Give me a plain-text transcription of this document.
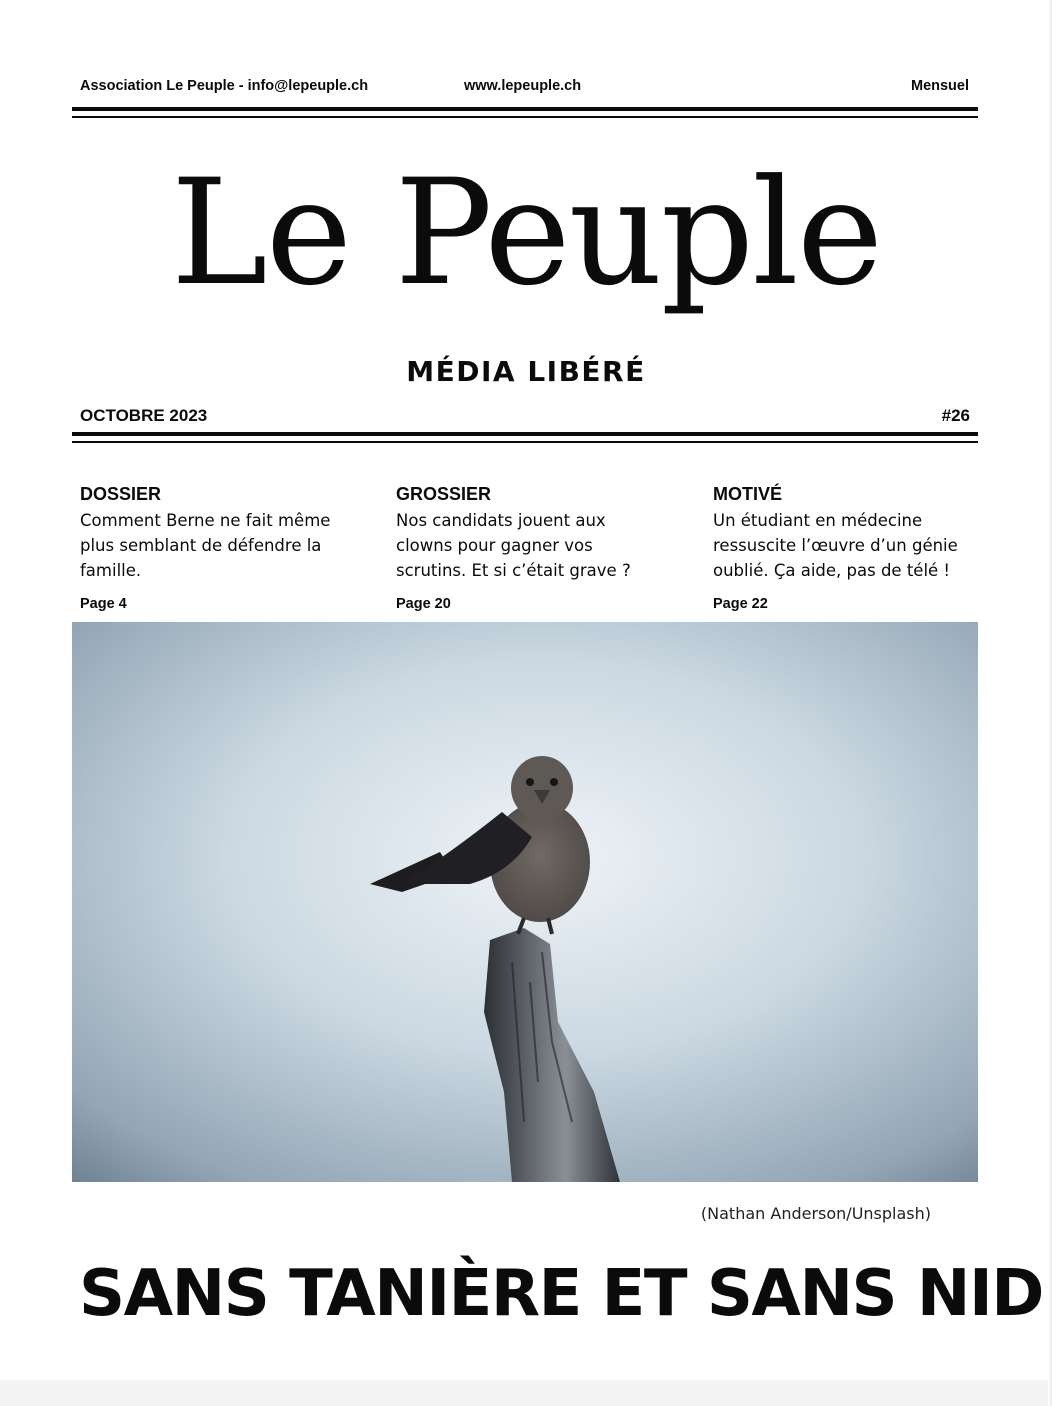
Association Le Peuple - info@lepeuple.ch	www.lepeuple.ch	Mensuel
Le Peuple
MÉDIA LIBÉRÉ
OCTOBRE 2023	#26
DOSSIER
Comment Berne ne fait même plus semblant de défendre la famille.
Page 4
GROSSIER
Nos candidats jouent aux clowns pour gagner vos scrutins. Et si c’était grave ?
Page 20
MOTIVÉ
Un étudiant en médecine ressuscite l’œuvre d’un génie oublié. Ça aide, pas de télé !
Page 22
(Nathan Anderson/Unsplash)
SANS TANIÈRE ET SANS NID
